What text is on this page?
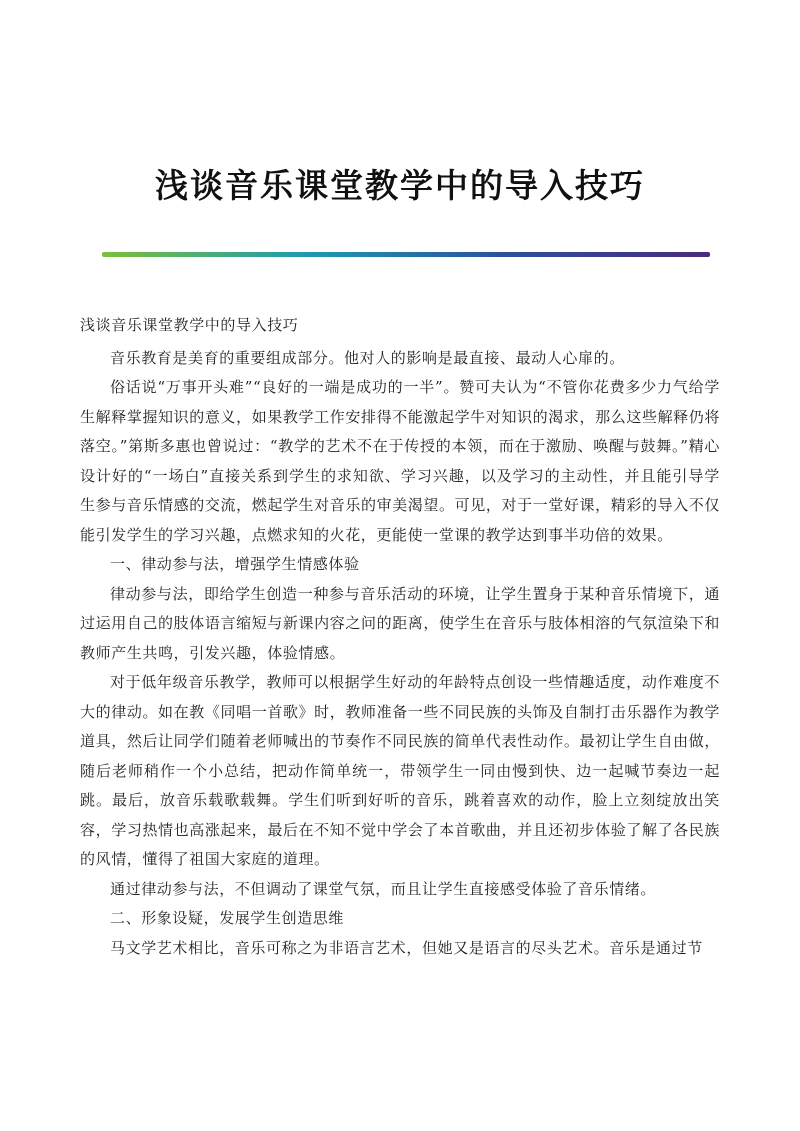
浅谈音乐课堂教学中的导入技巧

浅谈音乐课堂教学中的导入技巧

音乐教育是美育的重要组成部分。他对人的影响是最直接、最动人心扉的。

俗话说“万事开头难”“良好的一端是成功的一半”。赞可夫认为“不管你花费多少力气给学生解释掌握知识的意义，如果教学工作安排得不能激起学牛对知识的渴求，那么这些解释仍将落空。”第斯多惠也曾说过：“教学的艺术不在于传授的本领，而在于激励、唤醒与鼓舞。”精心设计好的“一场白”直接关系到学生的求知欲、学习兴趣，以及学习的主动性，并且能引导学生参与音乐情感的交流，燃起学生对音乐的审美渴望。可见，对于一堂好课，精彩的导入不仅能引发学生的学习兴趣，点燃求知的火花，更能使一堂课的教学达到事半功倍的效果。

一、律动参与法，增强学生情感体验

律动参与法，即给学生创造一种参与音乐活动的环境，让学生置身于某种音乐情境下，通过运用自己的肢体语言缩短与新课内容之问的距离，使学生在音乐与肢体相溶的气氛渲染下和教师产生共鸣，引发兴趣，体验情感。

对于低年级音乐教学，教师可以根据学生好动的年龄特点创设一些情趣适度，动作难度不大的律动。如在教《同唱一首歌》时，教师准备一些不同民族的头饰及自制打击乐器作为教学道具，然后让同学们随着老师喊出的节奏作不同民族的简单代表性动作。最初让学生自由做，随后老师稍作一个小总结，把动作简单统一，带领学生一同由慢到快、边一起喊节奏边一起跳。最后，放音乐载歌载舞。学生们听到好听的音乐，跳着喜欢的动作，脸上立刻绽放出笑容，学习热情也高涨起来，最后在不知不觉中学会了本首歌曲，并且还初步体验了解了各民族的风情，懂得了祖国大家庭的道理。

通过律动参与法，不但调动了课堂气氛，而且让学生直接感受体验了音乐情绪。

二、形象设疑，发展学生创造思维

马文学艺术相比，音乐可称之为非语言艺术，但她又是语言的尽头艺术。音乐是通过节
